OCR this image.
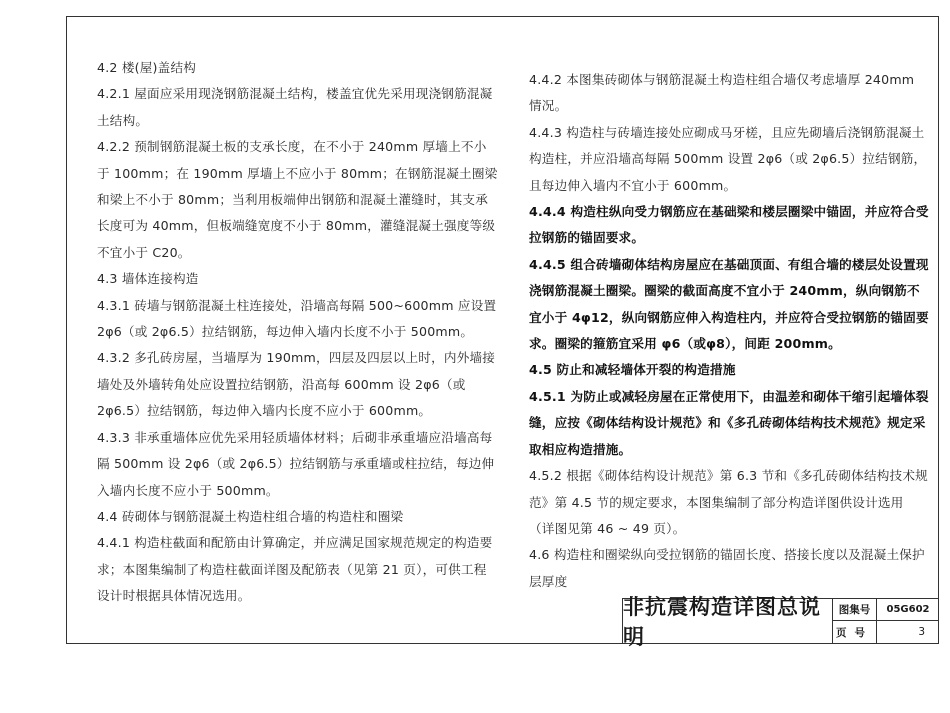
4.2 楼(屋)盖结构

4.2.1 屋面应采用现浇钢筋混凝土结构，楼盖宜优先采用现浇钢筋混凝土结构。

4.2.2 预制钢筋混凝土板的支承长度，在不小于 240mm 厚墙上不小于 100mm；在 190mm 厚墙上不应小于 80mm；在钢筋混凝土圈梁和梁上不小于 80mm；当利用板端伸出钢筋和混凝土灌缝时，其支承长度可为 40mm，但板端缝宽度不小于 80mm，灌缝混凝土强度等级不宜小于 C20。

4.3 墙体连接构造

4.3.1 砖墙与钢筋混凝土柱连接处，沿墙高每隔 500~600mm 应设置 2φ6（或 2φ6.5）拉结钢筋，每边伸入墙内长度不小于 500mm。

4.3.2 多孔砖房屋，当墙厚为 190mm，四层及四层以上时，内外墙接墙处及外墙转角处应设置拉结钢筋，沿高每 600mm 设 2φ6（或 2φ6.5）拉结钢筋，每边伸入墙内长度不应小于 600mm。

4.3.3 非承重墙体应优先采用轻质墙体材料；后砌非承重墙应沿墙高每隔 500mm 设 2φ6（或 2φ6.5）拉结钢筋与承重墙或柱拉结，每边伸入墙内长度不应小于 500mm。

4.4 砖砌体与钢筋混凝土构造柱组合墙的构造柱和圈梁

4.4.1 构造柱截面和配筋由计算确定，并应满足国家规范规定的构造要求；本图集编制了构造柱截面详图及配筋表（见第 21 页），可供工程设计时根据具体情况选用。

4.4.2 本图集砖砌体与钢筋混凝土构造柱组合墙仅考虑墙厚 240mm 情况。

4.4.3 构造柱与砖墙连接处应砌成马牙槎，且应先砌墙后浇钢筋混凝土构造柱，并应沿墙高每隔 500mm 设置 2φ6（或 2φ6.5）拉结钢筋，且每边伸入墙内不宜小于 600mm。

4.4.4 构造柱纵向受力钢筋应在基础梁和楼层圈梁中锚固，并应符合受拉钢筋的锚固要求。

4.4.5 组合砖墙砌体结构房屋应在基础顶面、有组合墙的楼层处设置现浇钢筋混凝土圈梁。圈梁的截面高度不宜小于 240mm，纵向钢筋不宜小于 4φ12，纵向钢筋应伸入构造柱内，并应符合受拉钢筋的锚固要求。圈梁的箍筋宜采用 φ6（或φ8），间距 200mm。

4.5 防止和减轻墙体开裂的构造措施

4.5.1 为防止或减轻房屋在正常使用下，由温差和砌体干缩引起墙体裂缝，应按《砌体结构设计规范》和《多孔砖砌体结构技术规范》规定采取相应构造措施。

4.5.2 根据《砌体结构设计规范》第 6.3 节和《多孔砖砌体结构技术规范》第 4.5 节的规定要求，本图集编制了部分构造详图供设计选用（详图见第 46 ~ 49 页）。

4.6 构造柱和圈梁纵向受拉钢筋的锚固长度、搭接长度以及混凝土保护层厚度

非抗震构造详图总说明
图集号	05G602
页号	3
